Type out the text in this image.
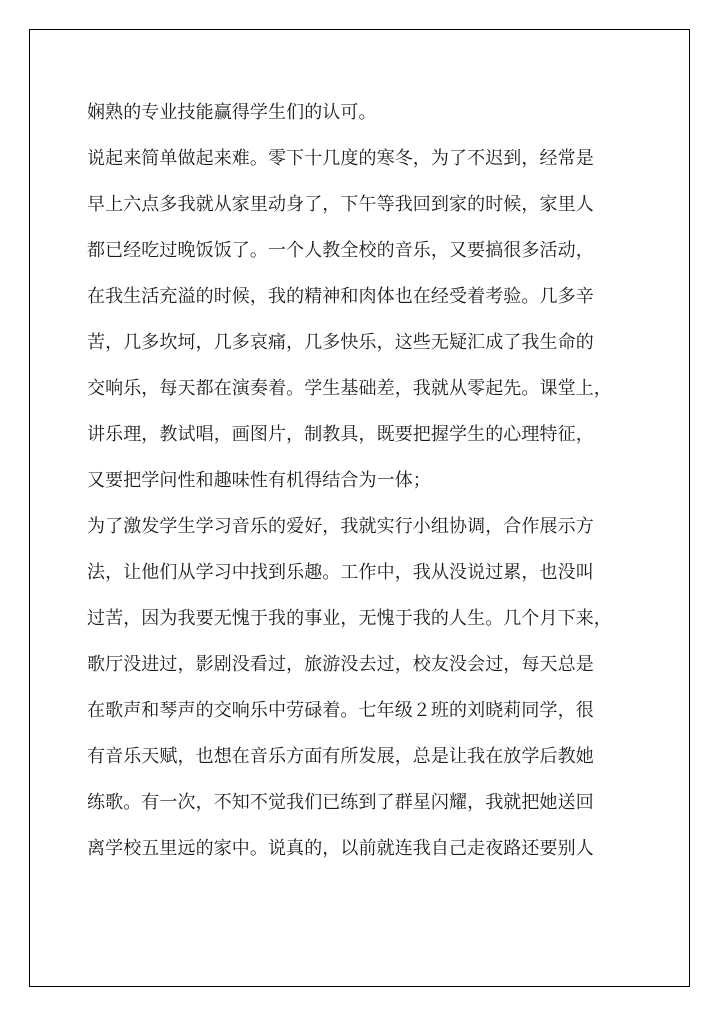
娴熟的专业技能赢得学生们的认可。
说起来简单做起来难。零下十几度的寒冬，为了不迟到，经常是
早上六点多我就从家里动身了，下午等我回到家的时候，家里人
都已经吃过晚饭饭了。一个人教全校的音乐，又要搞很多活动，
在我生活充溢的时候，我的精神和肉体也在经受着考验。几多辛
苦，几多坎坷，几多哀痛，几多快乐，这些无疑汇成了我生命的
交响乐，每天都在演奏着。学生基础差，我就从零起先。课堂上，
讲乐理，教试唱，画图片，制教具，既要把握学生的心理特征，
又要把学问性和趣味性有机得结合为一体；
为了激发学生学习音乐的爱好，我就实行小组协调，合作展示方
法，让他们从学习中找到乐趣。工作中，我从没说过累，也没叫
过苦，因为我要无愧于我的事业，无愧于我的人生。几个月下来，
歌厅没进过，影剧没看过，旅游没去过，校友没会过，每天总是
在歌声和琴声的交响乐中劳碌着。七年级２班的刘晓莉同学，很
有音乐天赋，也想在音乐方面有所发展，总是让我在放学后教她
练歌。有一次，不知不觉我们已练到了群星闪耀，我就把她送回
离学校五里远的家中。说真的，以前就连我自己走夜路还要别人
